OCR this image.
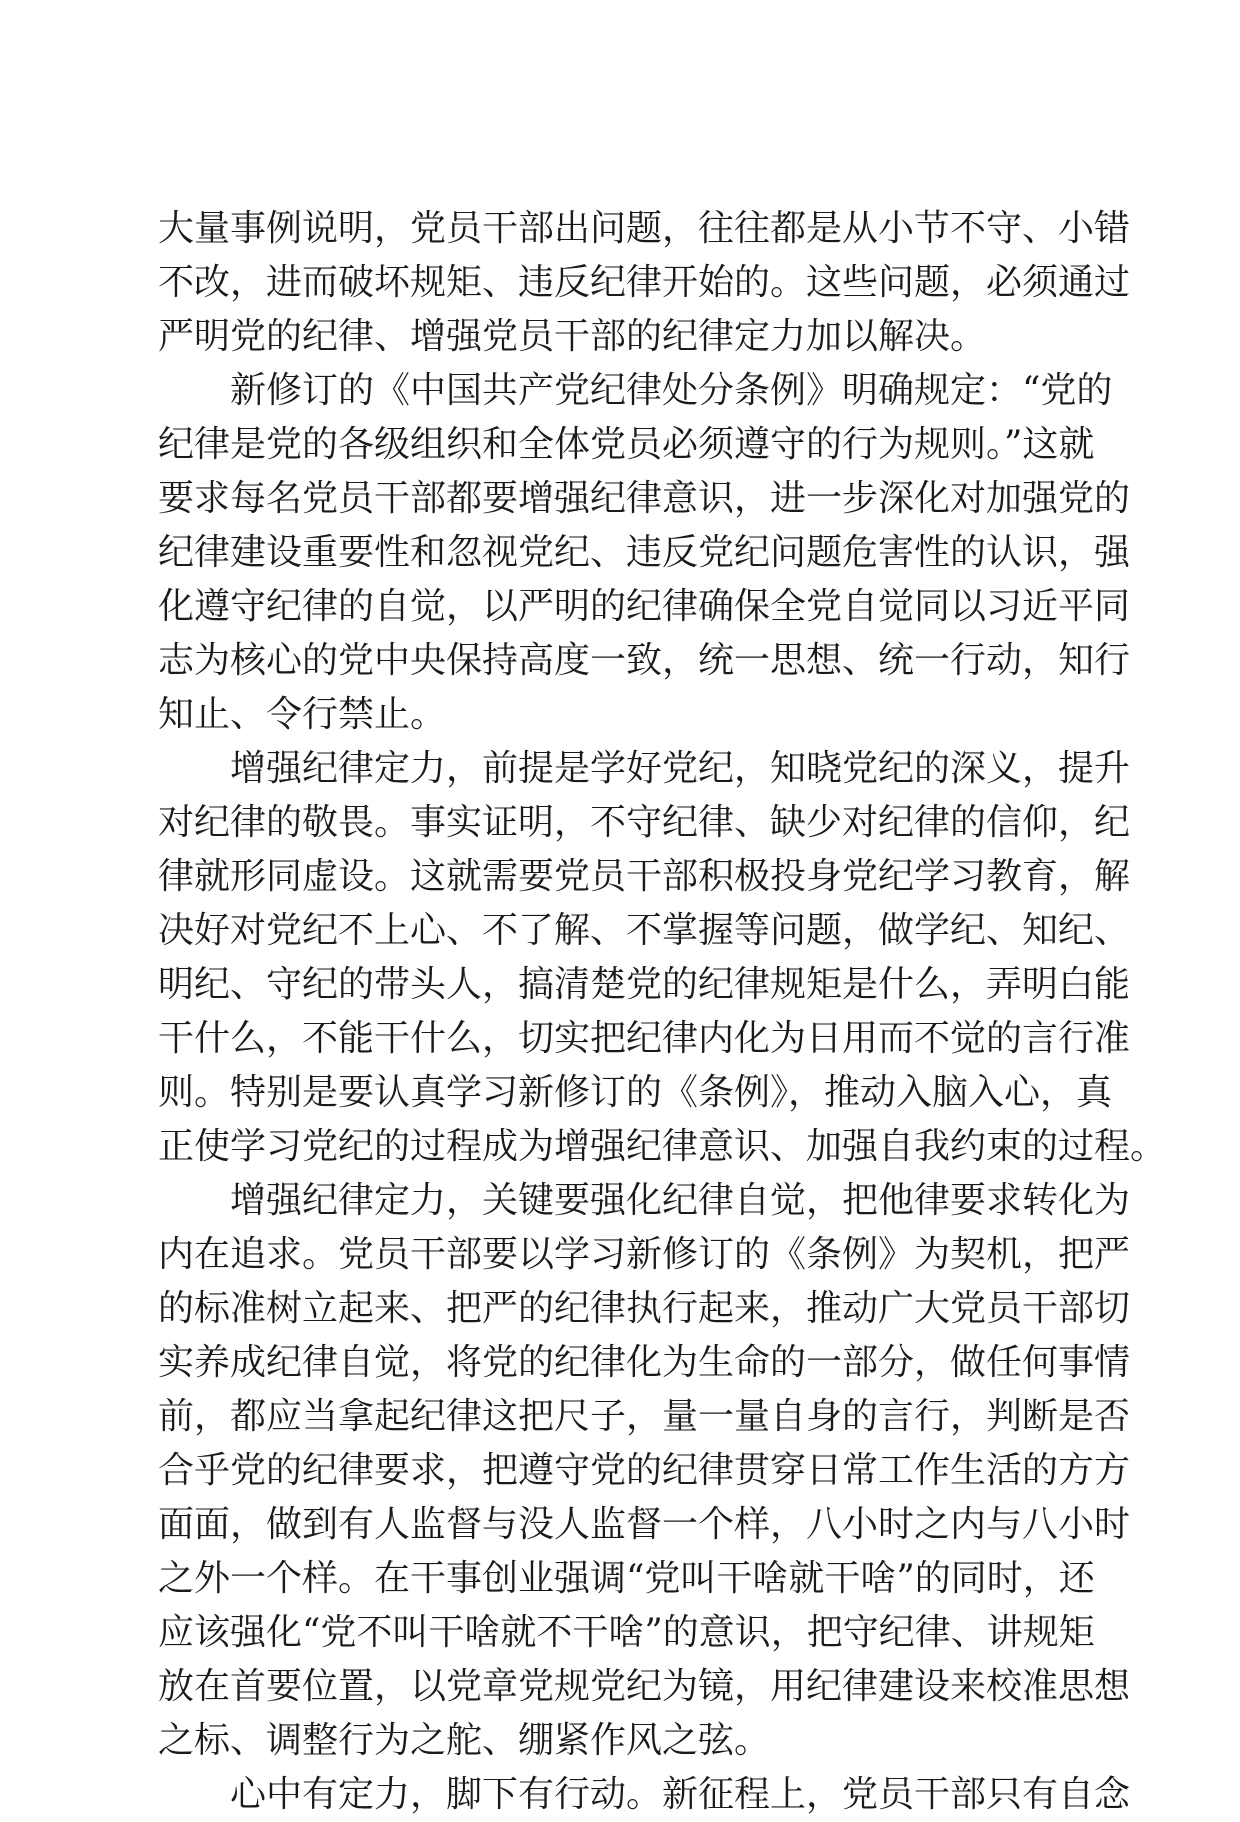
大量事例说明，党员干部出问题，往往都是从小节不守、小错
不改，进而破坏规矩、违反纪律开始的。这些问题，必须通过
严明党的纪律、增强党员干部的纪律定力加以解决。
新修订的《中国共产党纪律处分条例》明确规定：“党的
纪律是党的各级组织和全体党员必须遵守的行为规则。”这就
要求每名党员干部都要增强纪律意识，进一步深化对加强党的
纪律建设重要性和忽视党纪、违反党纪问题危害性的认识，强
化遵守纪律的自觉，以严明的纪律确保全党自觉同以习近平同
志为核心的党中央保持高度一致，统一思想、统一行动，知行
知止、令行禁止。
增强纪律定力，前提是学好党纪，知晓党纪的深义，提升
对纪律的敬畏。事实证明，不守纪律、缺少对纪律的信仰，纪
律就形同虚设。这就需要党员干部积极投身党纪学习教育，解
决好对党纪不上心、不了解、不掌握等问题，做学纪、知纪、
明纪、守纪的带头人，搞清楚党的纪律规矩是什么，弄明白能
干什么，不能干什么，切实把纪律内化为日用而不觉的言行准
则。特别是要认真学习新修订的《条例》，推动入脑入心，真
正使学习党纪的过程成为增强纪律意识、加强自我约束的过程。
增强纪律定力，关键要强化纪律自觉，把他律要求转化为
内在追求。党员干部要以学习新修订的《条例》为契机，把严
的标准树立起来、把严的纪律执行起来，推动广大党员干部切
实养成纪律自觉，将党的纪律化为生命的一部分，做任何事情
前，都应当拿起纪律这把尺子，量一量自身的言行，判断是否
合乎党的纪律要求，把遵守党的纪律贯穿日常工作生活的方方
面面，做到有人监督与没人监督一个样，八小时之内与八小时
之外一个样。在干事创业强调“党叫干啥就干啥”的同时，还
应该强化“党不叫干啥就不干啥”的意识，把守纪律、讲规矩
放在首要位置，以党章党规党纪为镜，用纪律建设来校准思想
之标、调整行为之舵、绷紧作风之弦。
心中有定力，脚下有行动。新征程上，党员干部只有自念
